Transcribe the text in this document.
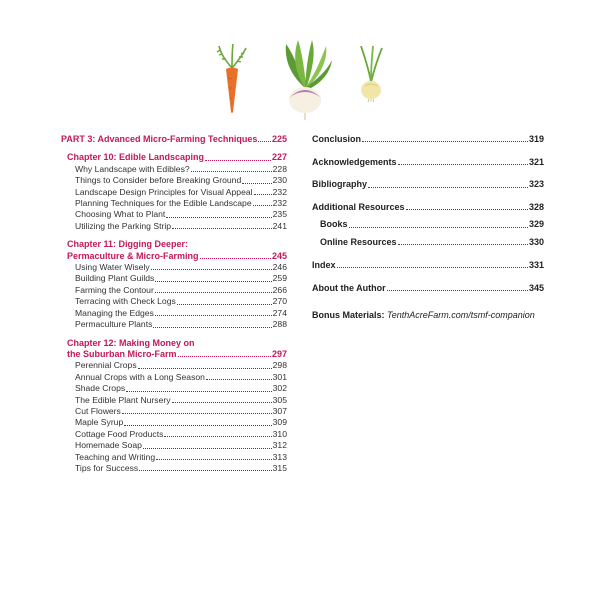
PART 3: Advanced Micro-Farming Techniques 225
Chapter 10: Edible Landscaping	227
Why Landscape with Edibles?	228
Things to Consider before Breaking Ground	230
Landscape Design Principles for Visual Appeal 232
Planning Techniques for the Edible Landscape 232
Choosing What to Plant	235
Utilizing the Parking Strip	241
Chapter 11: Digging Deeper:
Permaculture & Micro-Farming	245
Using Water Wisely	246
Building Plant Guilds	259
Farming the Contour	266
Terracing with Check Logs	270
Managing the Edges	274
Permaculture Plants	288
Chapter 12: Making Money on
the Suburban Micro-Farm	297
Perennial Crops	298
Annual Crops with a Long Season	301
Shade Crops	302
The Edible Plant Nursery	305
Cut Flowers	307
Maple Syrup	309
Cottage Food Products	310
Homemade Soap	312
Teaching and Writing	313
Tips for Success	315
Conclusion	319
Acknowledgements	321
Bibliography	323
Additional Resources	328
Books	329
Online Resources	330
Index	331
About the Author	345
Bonus Materials: TenthAcreFarm.com/tsmf-companion
